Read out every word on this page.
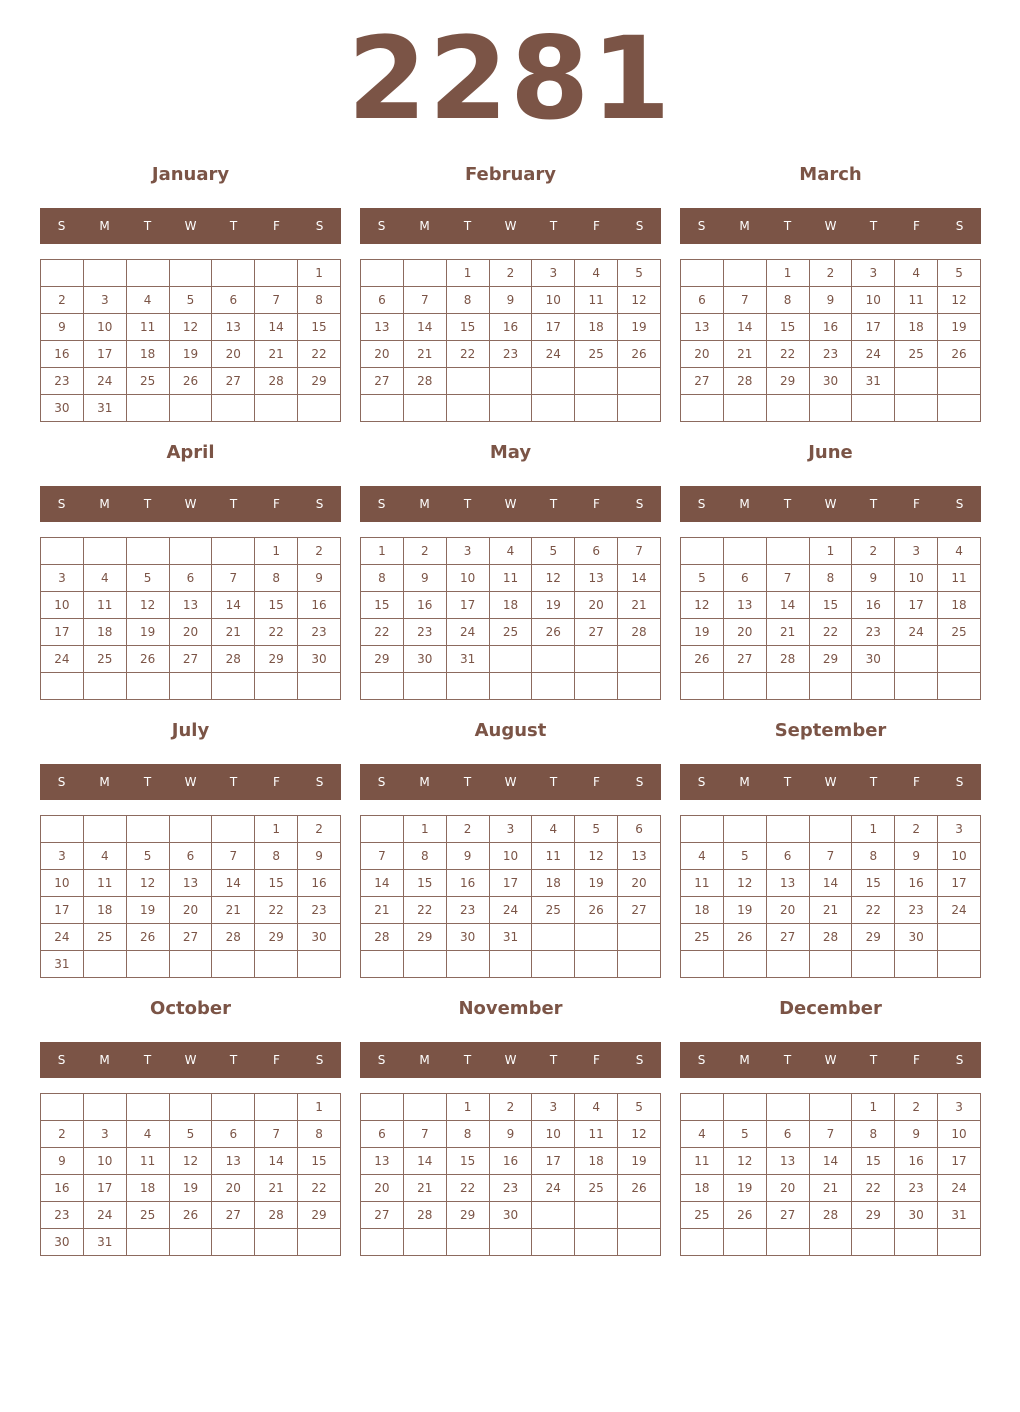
2281
January
S	M	T	W	T	F	S
						1
2	3	4	5	6	7	8
9	10	11	12	13	14	15
16	17	18	19	20	21	22
23	24	25	26	27	28	29
30	31					
February
S	M	T	W	T	F	S
		1	2	3	4	5
6	7	8	9	10	11	12
13	14	15	16	17	18	19
20	21	22	23	24	25	26
27	28					

March
S	M	T	W	T	F	S
		1	2	3	4	5
6	7	8	9	10	11	12
13	14	15	16	17	18	19
20	21	22	23	24	25	26
27	28	29	30	31		

April
S	M	T	W	T	F	S
					1	2
3	4	5	6	7	8	9
10	11	12	13	14	15	16
17	18	19	20	21	22	23
24	25	26	27	28	29	30

May
S	M	T	W	T	F	S
1	2	3	4	5	6	7
8	9	10	11	12	13	14
15	16	17	18	19	20	21
22	23	24	25	26	27	28
29	30	31				

June
S	M	T	W	T	F	S
			1	2	3	4
5	6	7	8	9	10	11
12	13	14	15	16	17	18
19	20	21	22	23	24	25
26	27	28	29	30		

July
S	M	T	W	T	F	S
					1	2
3	4	5	6	7	8	9
10	11	12	13	14	15	16
17	18	19	20	21	22	23
24	25	26	27	28	29	30
31						
August
S	M	T	W	T	F	S
	1	2	3	4	5	6
7	8	9	10	11	12	13
14	15	16	17	18	19	20
21	22	23	24	25	26	27
28	29	30	31			

September
S	M	T	W	T	F	S
				1	2	3
4	5	6	7	8	9	10
11	12	13	14	15	16	17
18	19	20	21	22	23	24
25	26	27	28	29	30	

October
S	M	T	W	T	F	S
						1
2	3	4	5	6	7	8
9	10	11	12	13	14	15
16	17	18	19	20	21	22
23	24	25	26	27	28	29
30	31					
November
S	M	T	W	T	F	S
		1	2	3	4	5
6	7	8	9	10	11	12
13	14	15	16	17	18	19
20	21	22	23	24	25	26
27	28	29	30			

December
S	M	T	W	T	F	S
				1	2	3
4	5	6	7	8	9	10
11	12	13	14	15	16	17
18	19	20	21	22	23	24
25	26	27	28	29	30	31
